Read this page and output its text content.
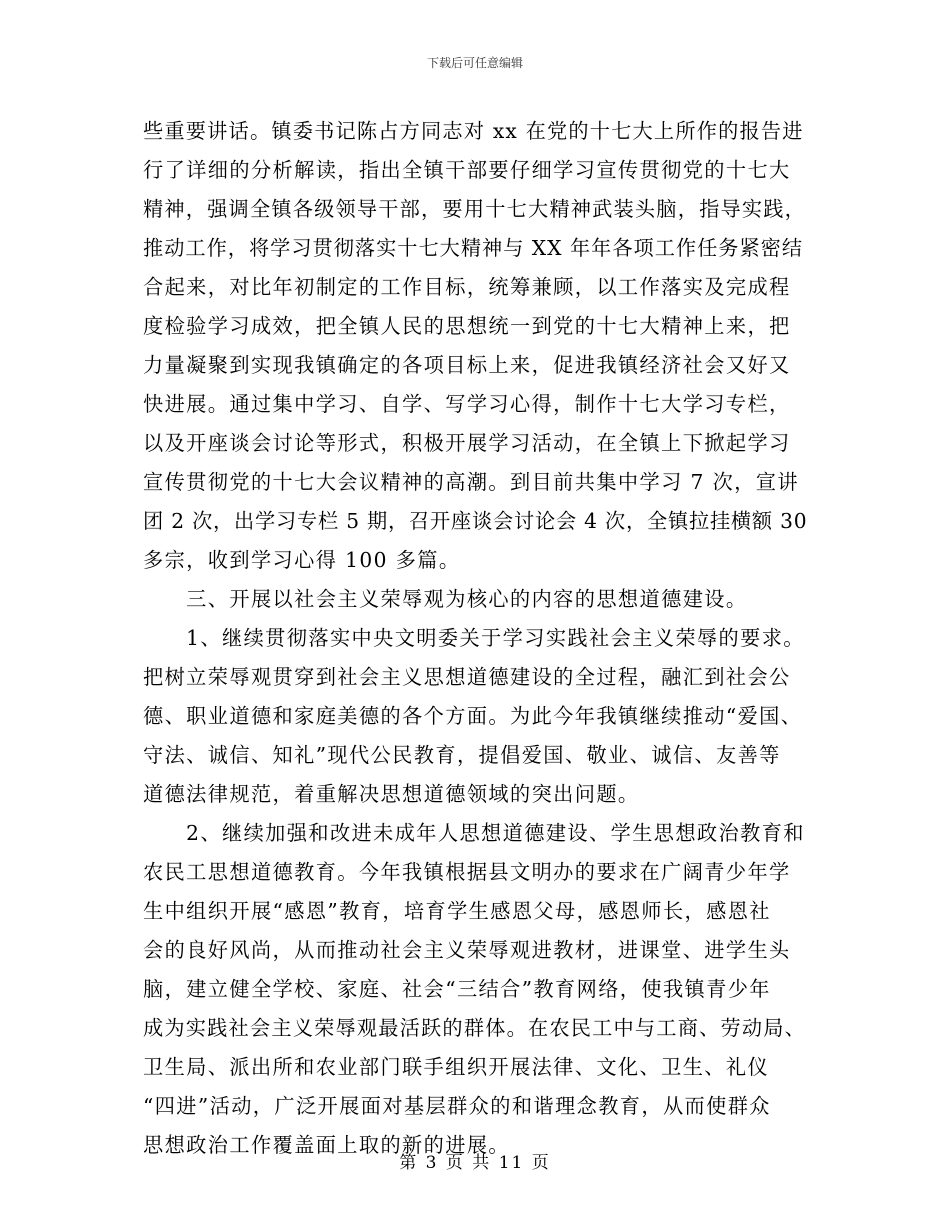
下载后可任意编辑
些重要讲话。镇委书记陈占方同志对 xx 在党的十七大上所作的报告进
行了详细的分析解读，指出全镇干部要仔细学习宣传贯彻党的十七大
精神，强调全镇各级领导干部，要用十七大精神武装头脑，指导实践，
推动工作，将学习贯彻落实十七大精神与 XX 年年各项工作任务紧密结
合起来，对比年初制定的工作目标，统筹兼顾，以工作落实及完成程
度检验学习成效，把全镇人民的思想统一到党的十七大精神上来，把
力量凝聚到实现我镇确定的各项目标上来，促进我镇经济社会又好又
快进展。通过集中学习、自学、写学习心得，制作十七大学习专栏，
以及开座谈会讨论等形式，积极开展学习活动，在全镇上下掀起学习
宣传贯彻党的十七大会议精神的高潮。到目前共集中学习 7 次，宣讲
团 2 次，出学习专栏 5 期，召开座谈会讨论会 4 次，全镇拉挂横额 30
多宗，收到学习心得 100 多篇。
　　三、开展以社会主义荣辱观为核心的内容的思想道德建设。
　　1、继续贯彻落实中央文明委关于学习实践社会主义荣辱的要求。
把树立荣辱观贯穿到社会主义思想道德建设的全过程，融汇到社会公
德、职业道德和家庭美德的各个方面。为此今年我镇继续推动“爱国、
守法、诚信、知礼”现代公民教育，提倡爱国、敬业、诚信、友善等
道德法律规范，着重解决思想道德领域的突出问题。
　　2、继续加强和改进未成年人思想道德建设、学生思想政治教育和
农民工思想道德教育。今年我镇根据县文明办的要求在广阔青少年学
生中组织开展“感恩”教育，培育学生感恩父母，感恩师长，感恩社
会的良好风尚，从而推动社会主义荣辱观进教材，进课堂、进学生头
脑，建立健全学校、家庭、社会“三结合”教育网络，使我镇青少年
成为实践社会主义荣辱观最活跃的群体。在农民工中与工商、劳动局、
卫生局、派出所和农业部门联手组织开展法律、文化、卫生、礼仪
“四进”活动，广泛开展面对基层群众的和谐理念教育，从而使群众
思想政治工作覆盖面上取的新的进展。
第 3 页 共 11 页
